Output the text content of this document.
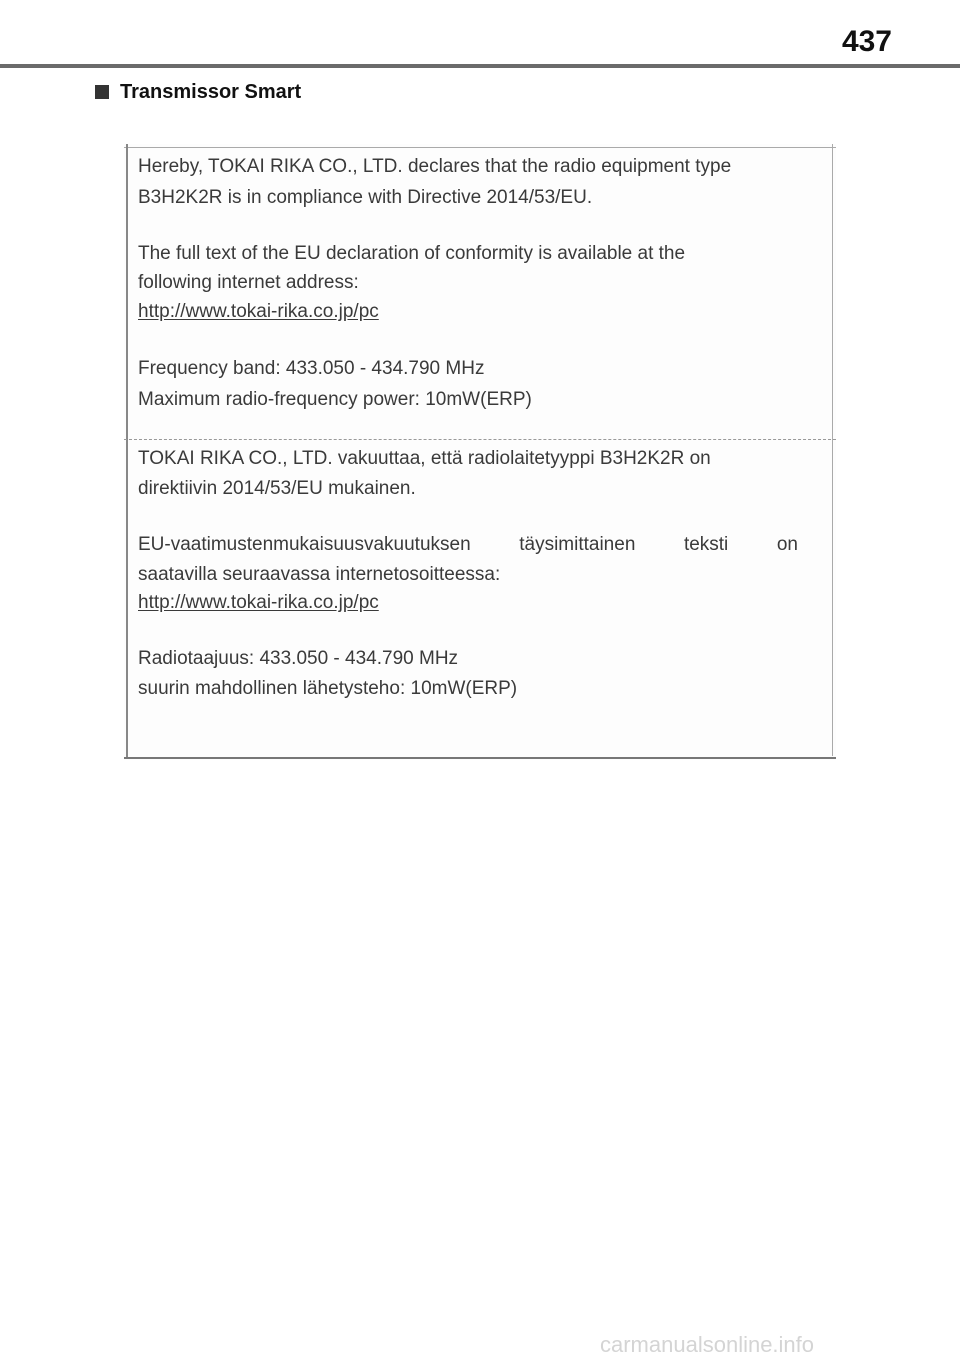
437
Transmissor Smart
Hereby, TOKAI RIKA CO., LTD. declares that the radio equipment type
B3H2K2R is in compliance with Directive 2014/53/EU.
The full text of the EU declaration of conformity is available at the
following internet address:
http://www.tokai-rika.co.jp/pc
Frequency band: 433.050 - 434.790 MHz
Maximum radio-frequency power: 10mW(ERP)
TOKAI RIKA CO., LTD. vakuuttaa, että radiolaitetyyppi B3H2K2R on
direktiivin 2014/53/EU mukainen.
EU-vaatimustenmukaisuusvakuutuksen	täysimittainen	teksti	on
saatavilla seuraavassa internetosoitteessa:
http://www.tokai-rika.co.jp/pc
Radiotaajuus: 433.050 - 434.790 MHz
suurin mahdollinen lähetysteho: 10mW(ERP)
carmanualsonline.info
